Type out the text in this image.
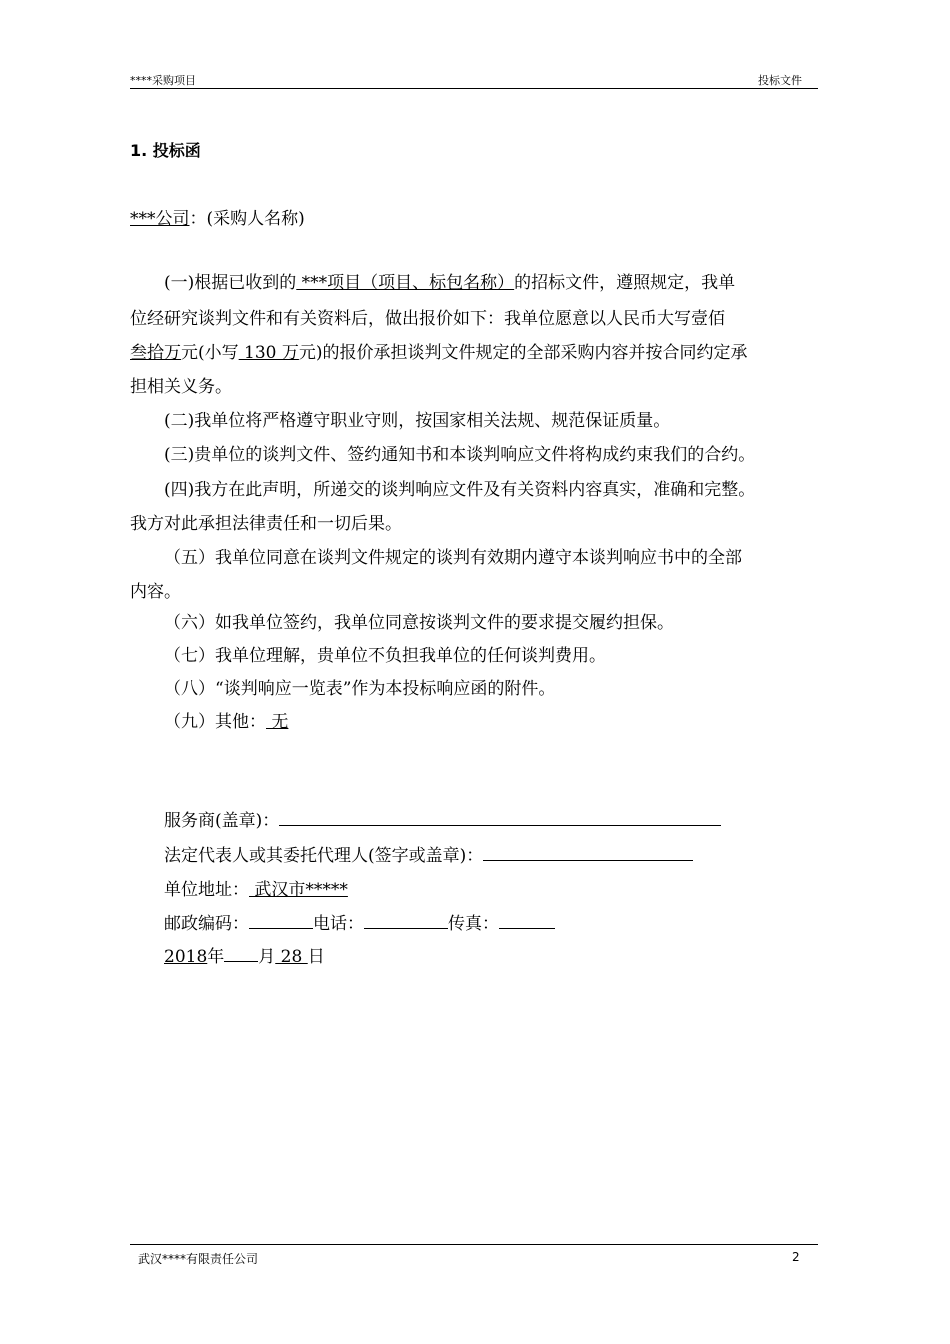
****采购项目	投标文件
1. 投标函
***公司：(采购人名称)
(一)根据已收到的 ***项目（项目、标包名称）的招标文件，遵照规定，我单
位经研究谈判文件和有关资料后，做出报价如下：我单位愿意以人民币大写壹佰
叁拾万元(小写 130 万元)的报价承担谈判文件规定的全部采购内容并按合同约定承
担相关义务。
(二)我单位将严格遵守职业守则，按国家相关法规、规范保证质量。
(三)贵单位的谈判文件、签约通知书和本谈判响应文件将构成约束我们的合约。
(四)我方在此声明，所递交的谈判响应文件及有关资料内容真实，准确和完整。
我方对此承担法律责任和一切后果。
（五）我单位同意在谈判文件规定的谈判有效期内遵守本谈判响应书中的全部
内容。
（六）如我单位签约，我单位同意按谈判文件的要求提交履约担保。
（七）我单位理解，贵单位不负担我单位的任何谈判费用。
（八）“谈判响应一览表”作为本投标响应函的附件。
（九）其他： 无
服务商(盖章)：
法定代表人或其委托代理人(签字或盖章)：
单位地址： 武汉市*****
邮政编码：	电话：	传真：
2018年 月 28 日
武汉****有限责任公司	2
